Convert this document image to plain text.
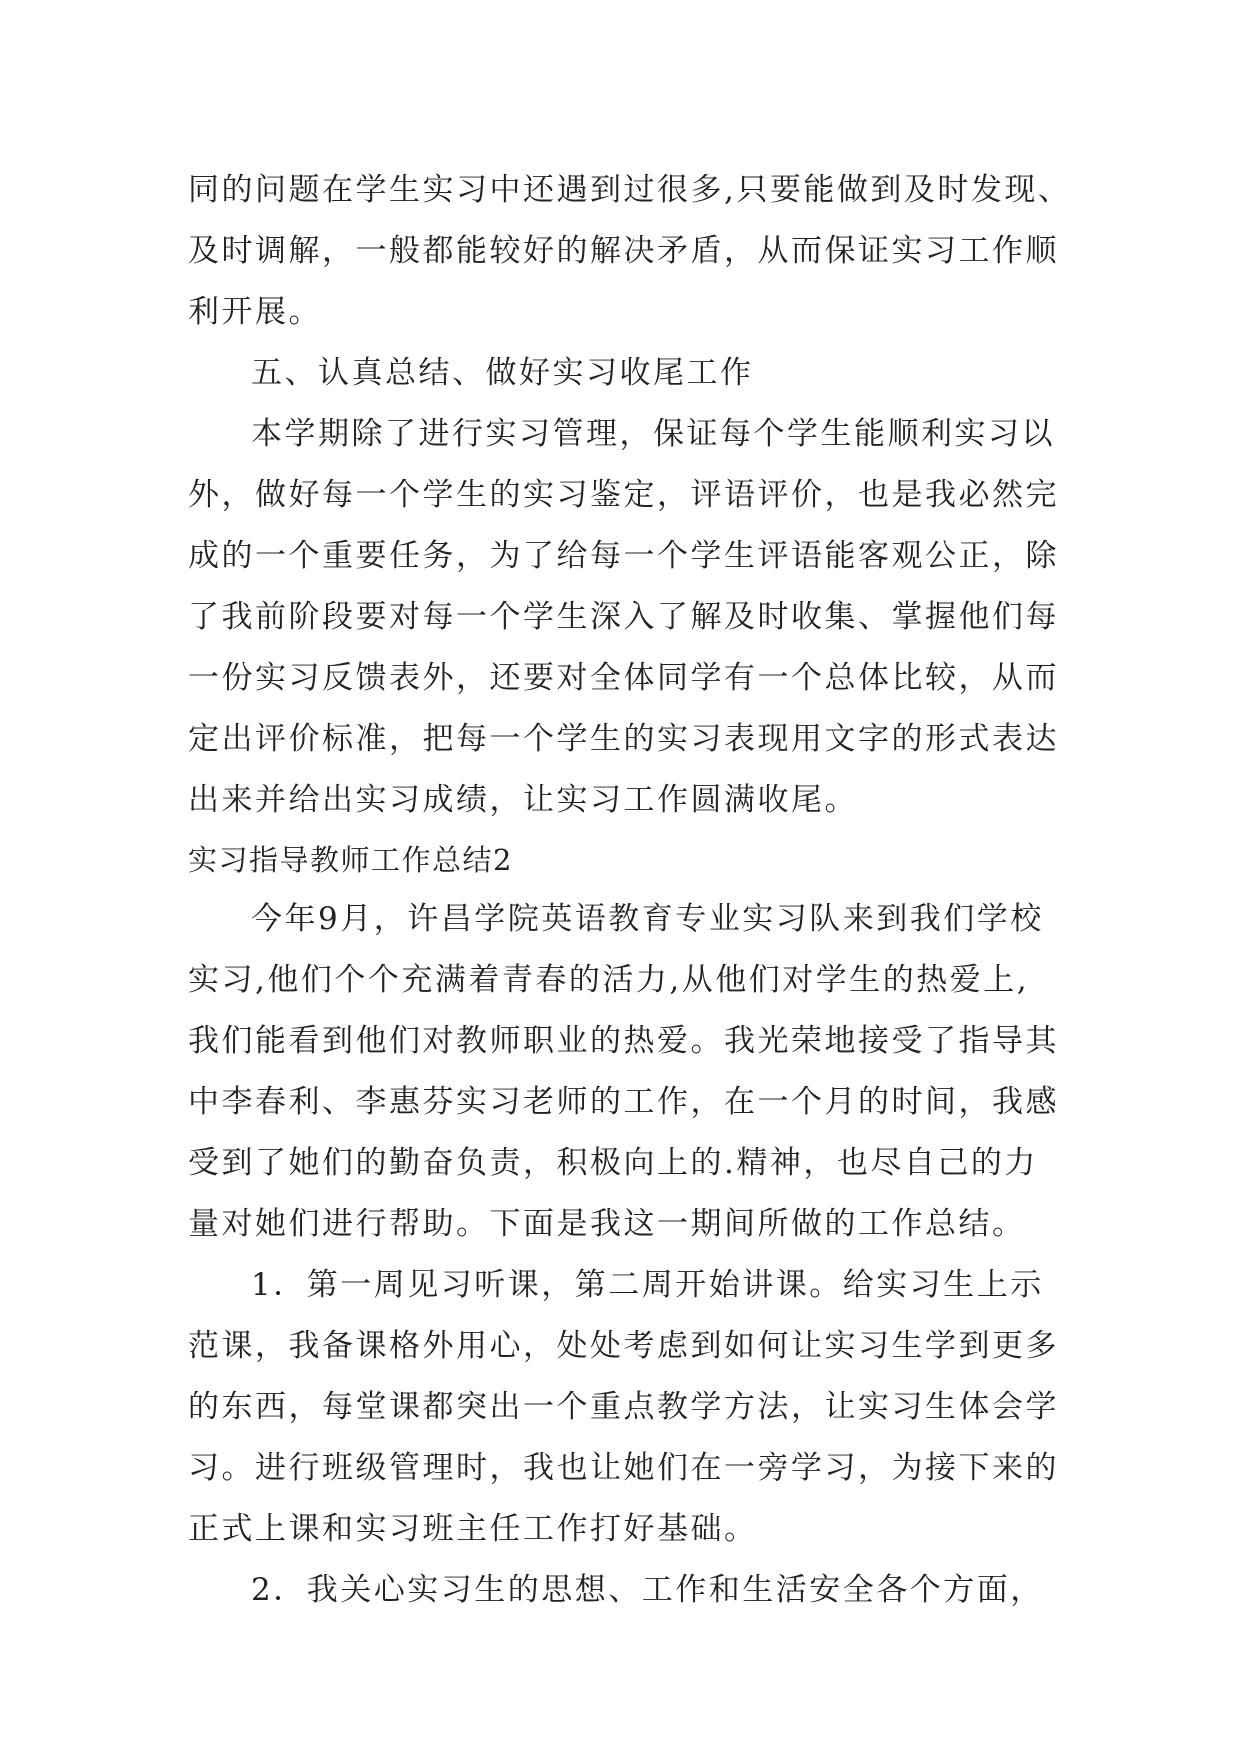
同的问题在学生实习中还遇到过很多,只要能做到及时发现、
及时调解，一般都能较好的解决矛盾，从而保证实习工作顺
利开展。
五、认真总结、做好实习收尾工作
本学期除了进行实习管理，保证每个学生能顺利实习以
外，做好每一个学生的实习鉴定，评语评价，也是我必然完
成的一个重要任务，为了给每一个学生评语能客观公正，除
了我前阶段要对每一个学生深入了解及时收集、掌握他们每
一份实习反馈表外，还要对全体同学有一个总体比较，从而
定出评价标准，把每一个学生的实习表现用文字的形式表达
出来并给出实习成绩，让实习工作圆满收尾。
实习指导教师工作总结2
今年9月，许昌学院英语教育专业实习队来到我们学校
实习,他们个个充满着青春的活力,从他们对学生的热爱上,
我们能看到他们对教师职业的热爱。我光荣地接受了指导其
中李春利、李惠芬实习老师的工作，在一个月的时间，我感
受到了她们的勤奋负责，积极向上的.精神，也尽自己的力
量对她们进行帮助。下面是我这一期间所做的工作总结。
1．第一周见习听课，第二周开始讲课。给实习生上示
范课，我备课格外用心，处处考虑到如何让实习生学到更多
的东西，每堂课都突出一个重点教学方法，让实习生体会学
习。进行班级管理时，我也让她们在一旁学习，为接下来的
正式上课和实习班主任工作打好基础。
2．我关心实习生的思想、工作和生活安全各个方面，
